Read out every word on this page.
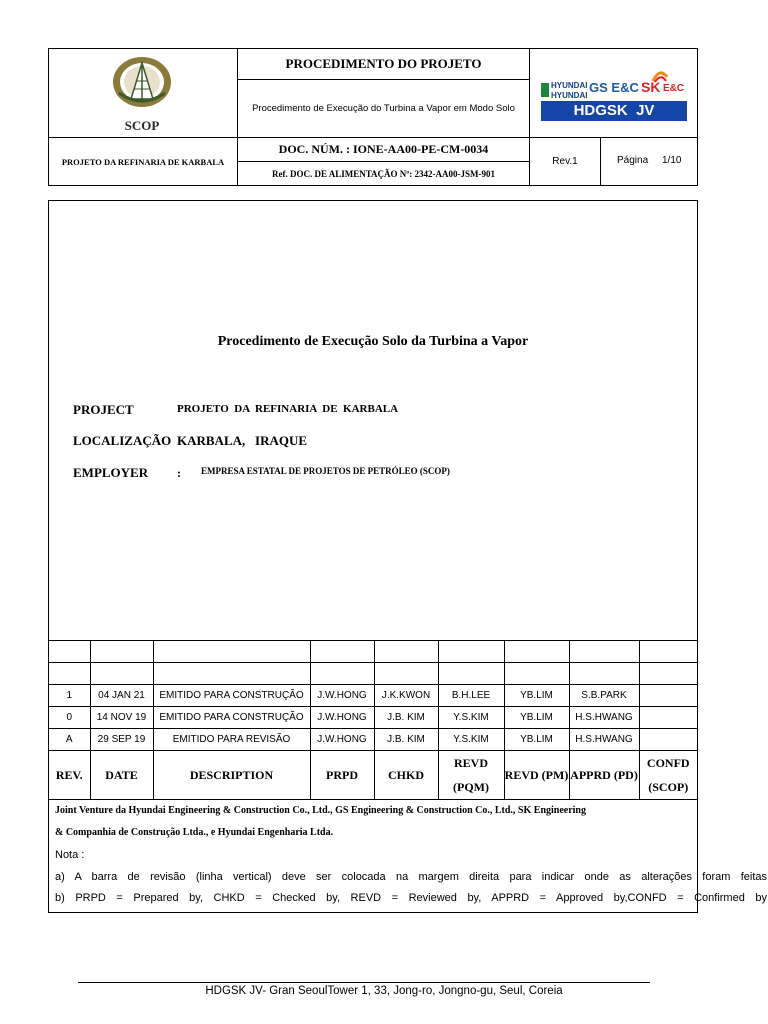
SCOP
PROCEDIMENTO DO PROJETO
Procedimento de Execução do Turbina a Vapor em Modo Solo
HYUNDAI
HYUNDAI
GS E&C SK E&C
HDGSK  JV
PROJETO DA REFINARIA DE KARBALA
DOC. NÚM. : IONE-AA00-PE-CM-0034
Ref. DOC. DE ALIMENTAÇÃO Nº: 2342-AA00-JSM-901
Rev.1	Página 1/10
Procedimento de Execução Solo da Turbina a Vapor
PROJECT	PROJETO  DA  REFINARIA  DE  KARBALA
LOCALIZAÇÃO KARBALA,   IRAQUE
EMPLOYER : EMPRESA ESTATAL DE PROJETOS DE PETRÓLEO (SCOP)

1	04 JAN 21	EMITIDO PARA CONSTRUÇÃO	J.W.HONG	J.K.KWON	B.H.LEE	YB.LIM	S.B.PARK	
0	14 NOV 19	EMITIDO PARA CONSTRUÇÃO	J.W.HONG	J.B. KIM	Y.S.KIM	YB.LIM	H.S.HWANG	
A	29 SEP 19	EMITIDO PARA REVISÃO	J.W.HONG	J.B. KIM	Y.S.KIM	YB.LIM	H.S.HWANG	
REV.	DATE	DESCRIPTION	PRPD	CHKD	REVD (PQM)	REVD (PM)	APPRD (PD)	CONFD (SCOP)
Joint Venture da Hyundai Engineering & Construction Co., Ltd., GS Engineering & Construction Co., Ltd., SK Engineering
& Companhia de Construção Ltda., e Hyundai Engenharia Ltda.
Nota :
a) A barra de revisão (linha vertical) deve ser colocada na margem direita para indicar onde as alterações foram feitas
b) PRPD = Prepared by, CHKD = Checked by, REVD = Reviewed by, APPRD = Approved by,CONFD = Confirmed by
HDGSK JV- Gran SeoulTower 1, 33, Jong-ro, Jongno-gu, Seul, Coreia
